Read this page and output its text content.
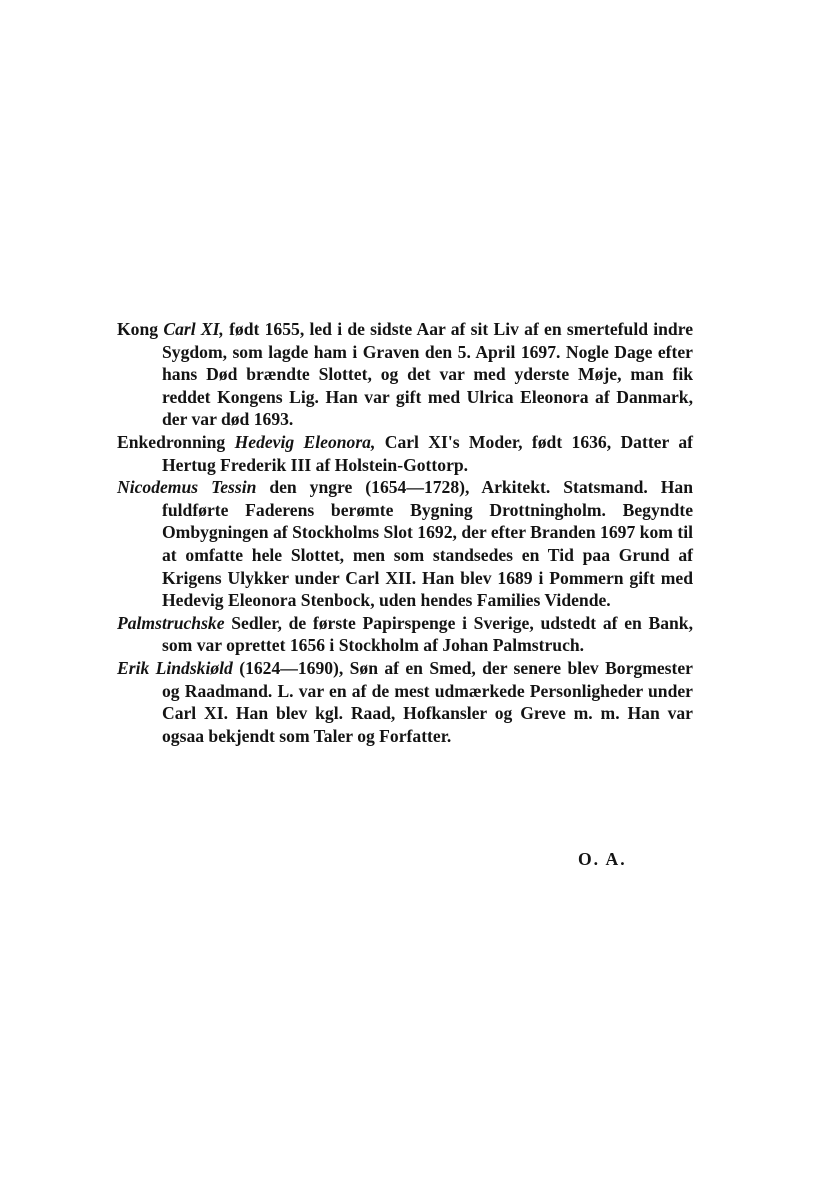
Kong Carl XI, født 1655, led i de sidste Aar af sit Liv af en smertefuld indre Sygdom, som lagde ham i Graven den 5. April 1697. Nogle Dage efter hans Død brændte Slottet, og det var med yderste Møje, man fik reddet Kongens Lig. Han var gift med Ulrica Eleonora af Danmark, der var død 1693.

Enkedronning Hedevig Eleonora, Carl XI's Moder, født 1636, Datter af Hertug Frederik III af Holstein-Gottorp.

Nicodemus Tessin den yngre (1654—1728), Arkitekt. Statsmand. Han fuldførte Faderens berømte Bygning Drottningholm. Begyndte Ombygningen af Stockholms Slot 1692, der efter Branden 1697 kom til at omfatte hele Slottet, men som standsedes en Tid paa Grund af Krigens Ulykker under Carl XII. Han blev 1689 i Pommern gift med Hedevig Eleonora Stenbock, uden hendes Families Vidende.

Palmstruchske Sedler, de første Papirspenge i Sverige, udstedt af en Bank, som var oprettet 1656 i Stockholm af Johan Palmstruch.

Erik Lindskiøld (1624—1690), Søn af en Smed, der senere blev Borgmester og Raadmand. L. var en af de mest udmærkede Personligheder under Carl XI. Han blev kgl. Raad, Hofkansler og Greve m. m. Han var ogsaa bekjendt som Taler og Forfatter.

O. A.
